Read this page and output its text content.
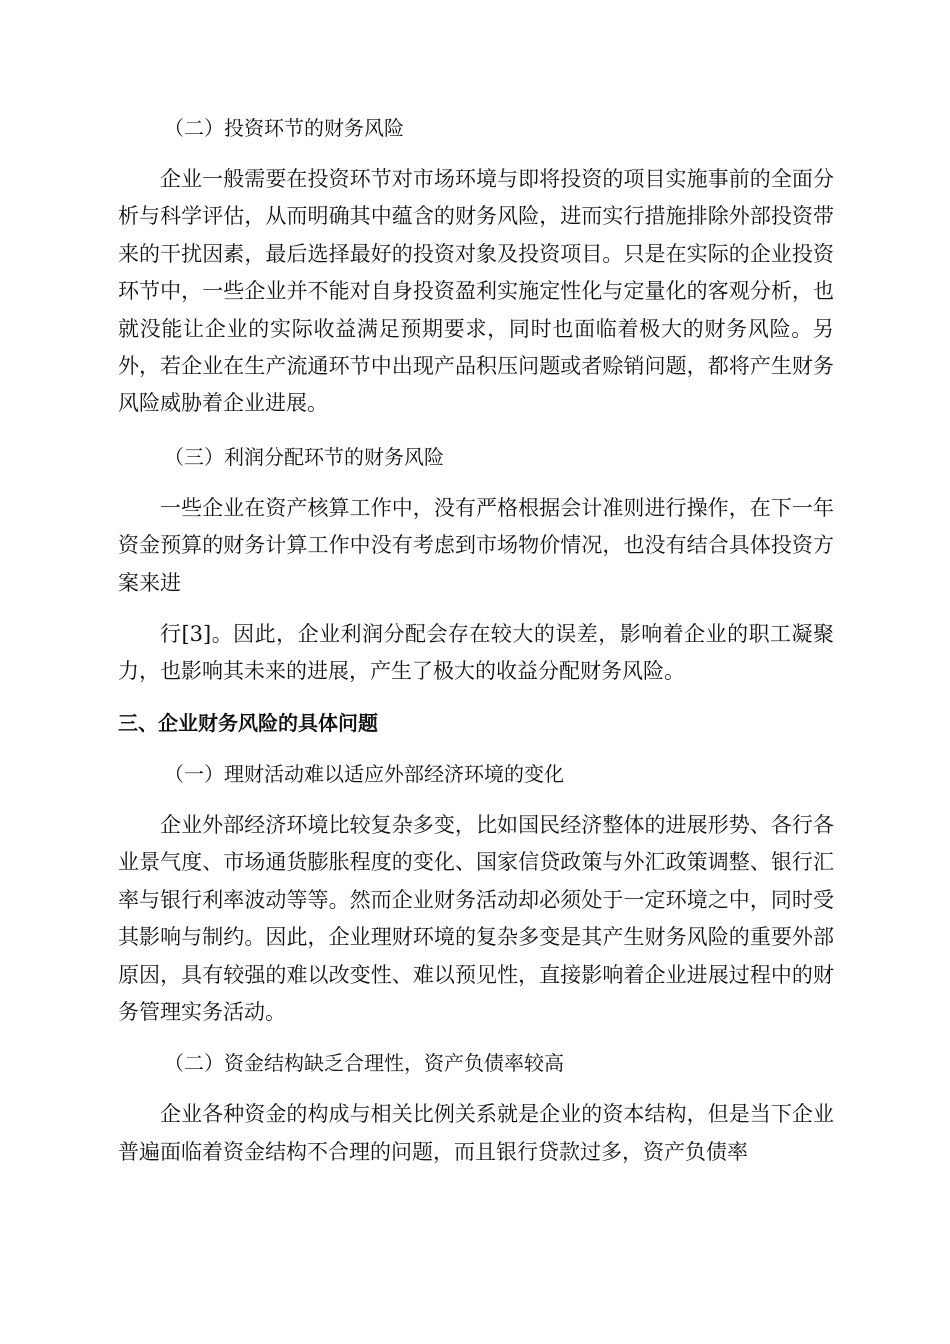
（二）投资环节的财务风险

企业一般需要在投资环节对市场环境与即将投资的项目实施事前的全面分析与科学评估，从而明确其中蕴含的财务风险，进而实行措施排除外部投资带来的干扰因素，最后选择最好的投资对象及投资项目。只是在实际的企业投资环节中，一些企业并不能对自身投资盈利实施定性化与定量化的客观分析，也就没能让企业的实际收益满足预期要求，同时也面临着极大的财务风险。另外，若企业在生产流通环节中出现产品积压问题或者赊销问题，都将产生财务风险威胁着企业进展。

（三）利润分配环节的财务风险

一些企业在资产核算工作中，没有严格根据会计准则进行操作，在下一年资金预算的财务计算工作中没有考虑到市场物价情况，也没有结合具体投资方案来进

行[3]。因此，企业利润分配会存在较大的误差，影响着企业的职工凝聚力，也影响其未来的进展，产生了极大的收益分配财务风险。

三、企业财务风险的具体问题

（一）理财活动难以适应外部经济环境的变化

企业外部经济环境比较复杂多变，比如国民经济整体的进展形势、各行各业景气度、市场通货膨胀程度的变化、国家信贷政策与外汇政策调整、银行汇率与银行利率波动等等。然而企业财务活动却必须处于一定环境之中，同时受其影响与制约。因此，企业理财环境的复杂多变是其产生财务风险的重要外部原因，具有较强的难以改变性、难以预见性，直接影响着企业进展过程中的财务管理实务活动。

（二）资金结构缺乏合理性，资产负债率较高

企业各种资金的构成与相关比例关系就是企业的资本结构，但是当下企业普遍面临着资金结构不合理的问题，而且银行贷款过多，资产负债率
